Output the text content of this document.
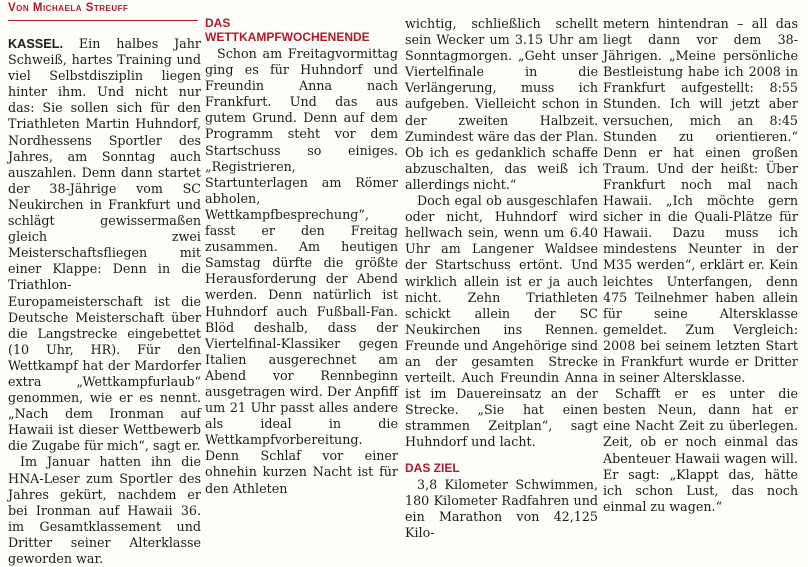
Von Michaela Streuff

KASSEL. Ein halbes Jahr Schweiß, hartes Training und viel Selbstdisziplin liegen hinter ihm. Und nicht nur das: Sie sollen sich für den Triathleten Martin Huhndorf, Nordhessens Sportler des Jahres, am Sonntag auch auszahlen. Denn dann startet der 38-Jährige vom SC Neukirchen in Frankfurt und schlägt gewissermaßen gleich zwei Meisterschaftsfliegen mit einer Klappe: Denn in die Triathlon-Europameisterschaft ist die Deutsche Meisterschaft über die Langstrecke eingebettet (10 Uhr, HR). Für den Wettkampf hat der Mardorfer extra „Wettkampfurlaub“ genommen, wie er es nennt. „Nach dem Ironman auf Hawaii ist dieser Wettbewerb die Zugabe für mich“, sagt er.

Im Januar hatten ihn die HNA-Leser zum Sportler des Jahres gekürt, nachdem er bei Ironman auf Hawaii 36. im Gesamtklassement und Dritter seiner Alterklasse geworden war.

DAS WETTKAMPFWOCHENENDE

Schon am Freitagvormittag ging es für Huhndorf und Freundin Anna nach Frankfurt. Und das aus gutem Grund. Denn auf dem Programm steht vor dem Startschuss so einiges. „Registrieren, Startunterlagen am Römer abholen, Wettkampfbesprechung“, fasst er den Freitag zusammen. Am heutigen Samstag dürfte die größte Herausforderung der Abend werden. Denn natürlich ist Huhndorf auch Fußball-Fan. Blöd deshalb, dass der Viertelfinal-Klassiker gegen Italien ausgerechnet am Abend vor Rennbeginn ausgetragen wird. Der Anpfiff um 21 Uhr passt alles andere als ideal in die Wettkampfvorbereitung. Denn Schlaf vor einer ohnehin kurzen Nacht ist für den Athleten

wichtig, schließlich schellt sein Wecker um 3.15 Uhr am Sonntagmorgen. „Geht unser Viertelfinale in die Verlängerung, muss ich aufgeben. Vielleicht schon in der zweiten Halbzeit. Zumindest wäre das der Plan. Ob ich es gedanklich schaffe abzuschalten, das weiß ich allerdings nicht.“

Doch egal ob ausgeschlafen oder nicht, Huhndorf wird hellwach sein, wenn um 6.40 Uhr am Langener Waldsee der Startschuss ertönt. Und wirklich allein ist er ja auch nicht. Zehn Triathleten schickt allein der SC Neukirchen ins Rennen. Freunde und Angehörige sind an der gesamten Strecke verteilt. Auch Freundin Anna ist im Dauereinsatz an der Strecke. „Sie hat einen strammen Zeitplan“, sagt Huhndorf und lacht.

DAS ZIEL

3,8 Kilometer Schwimmen, 180 Kilometer Radfahren und ein Marathon von 42,125 Kilo-

metern hintendran – all das liegt dann vor dem 38-Jährigen. „Meine persönliche Bestleistung habe ich 2008 in Frankfurt aufgestellt: 8:55 Stunden. Ich will jetzt aber versuchen, mich an 8:45 Stunden zu orientieren.“ Denn er hat einen großen Traum. Und der heißt: Über Frankfurt noch mal nach Hawaii. „Ich möchte gern sicher in die Quali-Plätze für Hawaii. Dazu muss ich mindestens Neunter in der M35 werden“, erklärt er. Kein leichtes Unterfangen, denn 475 Teilnehmer haben allein für seine Altersklasse gemeldet. Zum Vergleich: 2008 bei seinem letzten Start in Frankfurt wurde er Dritter in seiner Altersklasse.

Schafft er es unter die besten Neun, dann hat er eine Nacht Zeit zu überlegen. Zeit, ob er noch einmal das Abenteuer Hawaii wagen will. Er sagt: „Klappt das, hätte ich schon Lust, das noch einmal zu wagen.“
